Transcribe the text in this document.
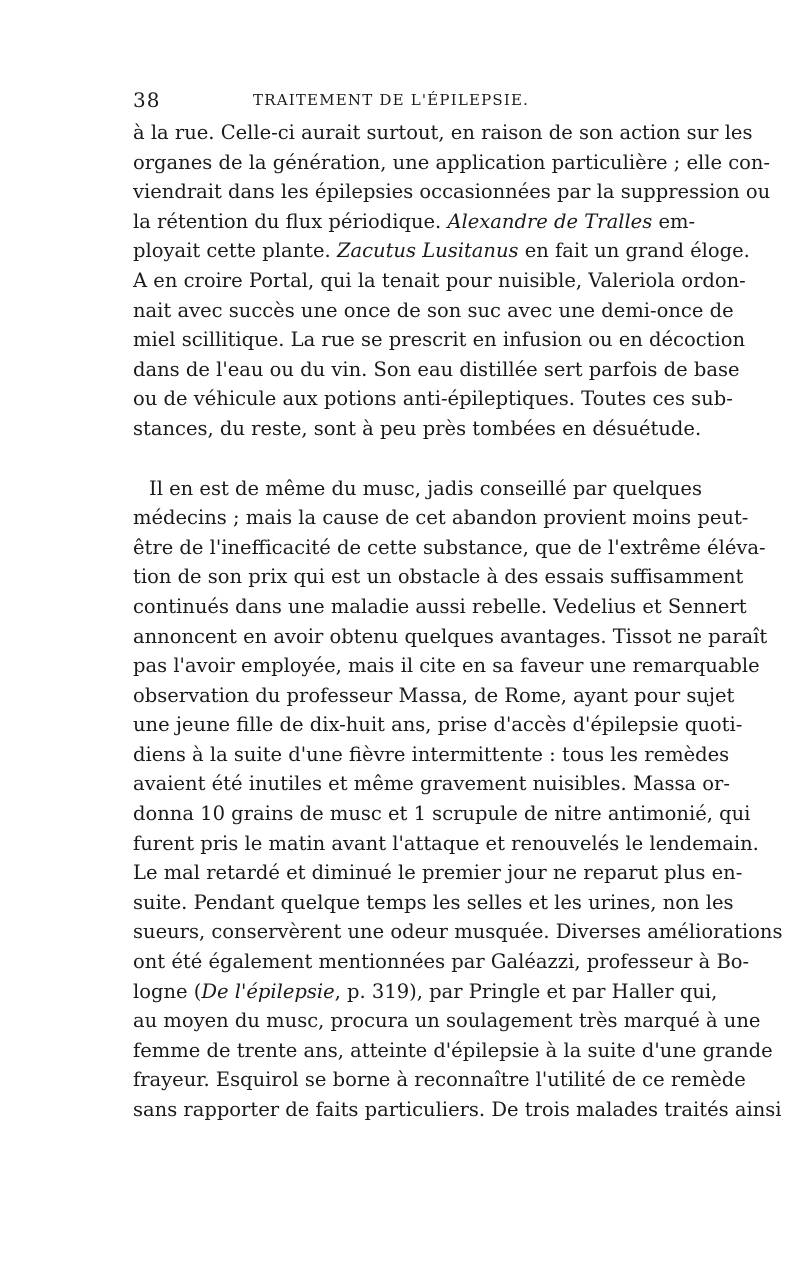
38	TRAITEMENT DE L'ÉPILEPSIE.
à la rue. Celle-ci aurait surtout, en raison de son action sur les
organes de la génération, une application particulière ; elle con-
viendrait dans les épilepsies occasionnées par la suppression ou
la rétention du flux périodique. Alexandre de Tralles em-
ployait cette plante. Zacutus Lusitanus en fait un grand éloge.
A en croire Portal, qui la tenait pour nuisible, Valeriola ordon-
nait avec succès une once de son suc avec une demi-once de
miel scillitique. La rue se prescrit en infusion ou en décoction
dans de l'eau ou du vin. Son eau distillée sert parfois de base
ou de véhicule aux potions anti-épileptiques. Toutes ces sub-
stances, du reste, sont à peu près tombées en désuétude.
Il en est de même du musc, jadis conseillé par quelques
médecins ; mais la cause de cet abandon provient moins peut-
être de l'inefficacité de cette substance, que de l'extrême éléva-
tion de son prix qui est un obstacle à des essais suffisamment
continués dans une maladie aussi rebelle. Vedelius et Sennert
annoncent en avoir obtenu quelques avantages. Tissot ne paraît
pas l'avoir employée, mais il cite en sa faveur une remarquable
observation du professeur Massa, de Rome, ayant pour sujet
une jeune fille de dix-huit ans, prise d'accès d'épilepsie quoti-
diens à la suite d'une fièvre intermittente : tous les remèdes
avaient été inutiles et même gravement nuisibles. Massa or-
donna 10 grains de musc et 1 scrupule de nitre antimonié, qui
furent pris le matin avant l'attaque et renouvelés le lendemain.
Le mal retardé et diminué le premier jour ne reparut plus en-
suite. Pendant quelque temps les selles et les urines, non les
sueurs, conservèrent une odeur musquée. Diverses améliorations
ont été également mentionnées par Galéazzi, professeur à Bo-
logne (De l'épilepsie, p. 319), par Pringle et par Haller qui,
au moyen du musc, procura un soulagement très marqué à une
femme de trente ans, atteinte d'épilepsie à la suite d'une grande
frayeur. Esquirol se borne à reconnaître l'utilité de ce remède
sans rapporter de faits particuliers. De trois malades traités ainsi
